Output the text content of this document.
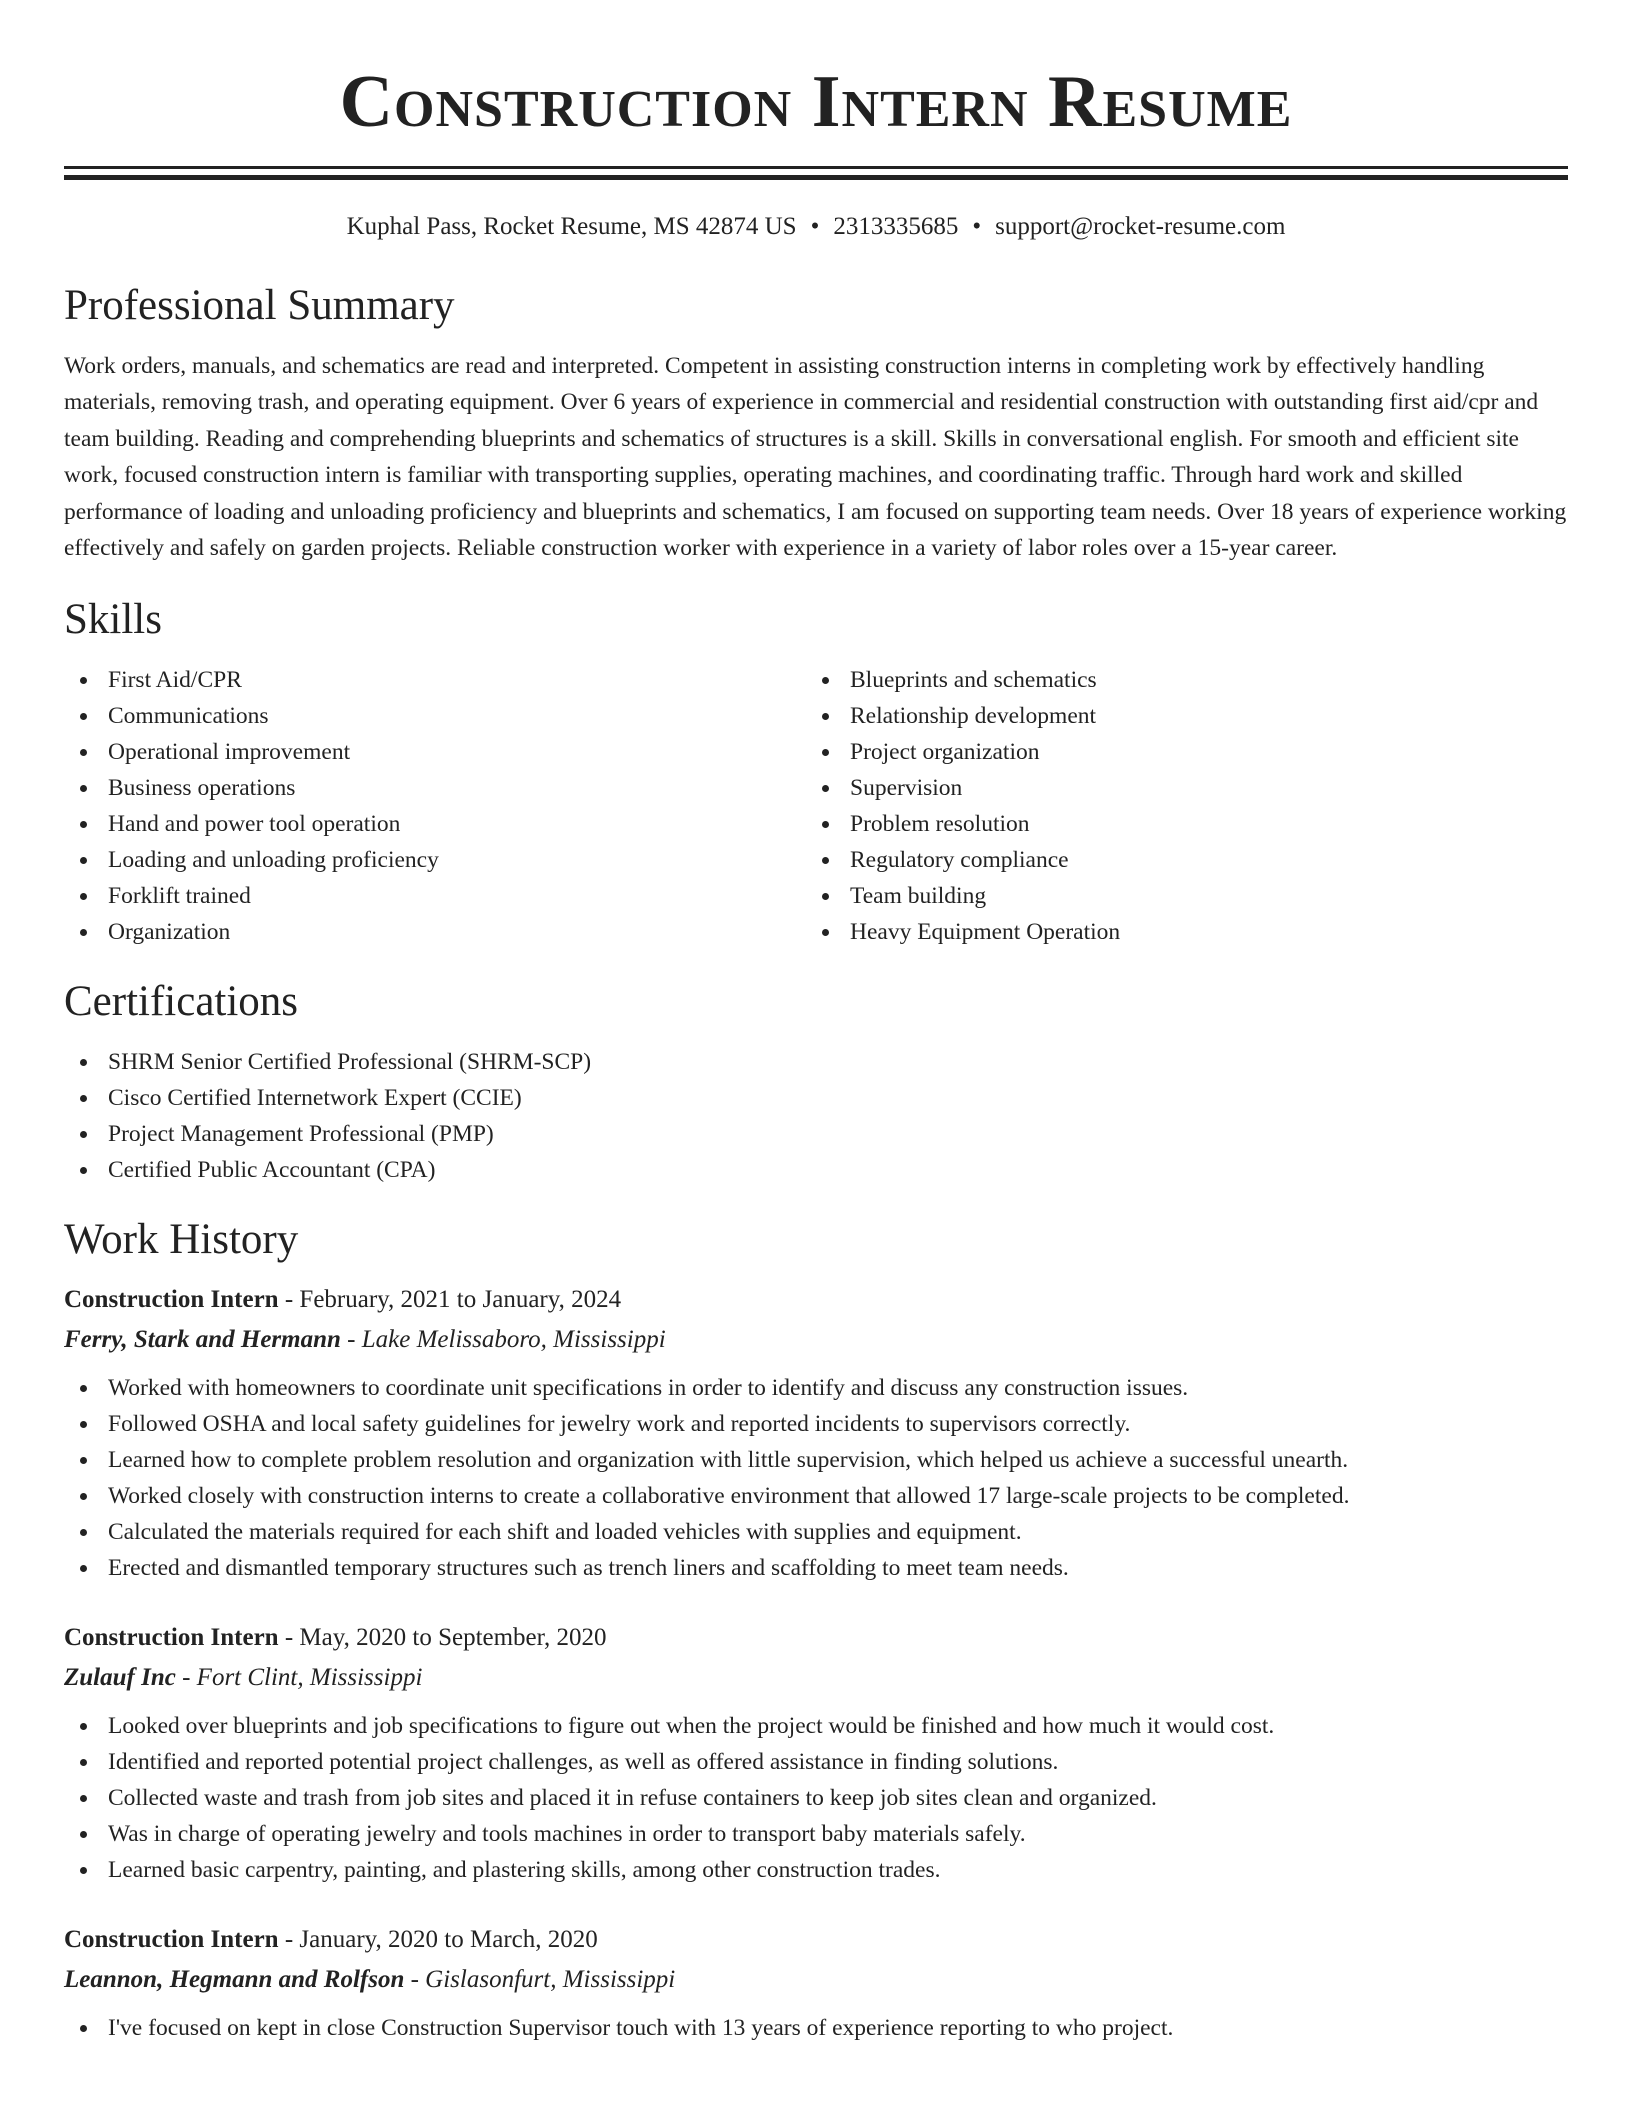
Construction Intern Resume
Kuphal Pass, Rocket Resume, MS 42874 US • 2313335685 • support@rocket-resume.com
Professional Summary

Work orders, manuals, and schematics are read and interpreted. Competent in assisting construction interns in completing work by effectively handling materials, removing trash, and operating equipment. Over 6 years of experience in commercial and residential construction with outstanding first aid/cpr and team building. Reading and comprehending blueprints and schematics of structures is a skill. Skills in conversational english. For smooth and efficient site work, focused construction intern is familiar with transporting supplies, operating machines, and coordinating traffic. Through hard work and skilled performance of loading and unloading proficiency and blueprints and schematics, I am focused on supporting team needs. Over 18 years of experience working effectively and safely on garden projects. Reliable construction worker with experience in a variety of labor roles over a 15-year career.

Skills
First Aid/CPR
Communications
Operational improvement
Business operations
Hand and power tool operation
Loading and unloading proficiency
Forklift trained
Organization
Blueprints and schematics
Relationship development
Project organization
Supervision
Problem resolution
Regulatory compliance
Team building
Heavy Equipment Operation
Certifications
SHRM Senior Certified Professional (SHRM-SCP)
Cisco Certified Internetwork Expert (CCIE)
Project Management Professional (PMP)
Certified Public Accountant (CPA)
Work History
Construction Intern - February, 2021 to January, 2024
Ferry, Stark and Hermann - Lake Melissaboro, Mississippi
Worked with homeowners to coordinate unit specifications in order to identify and discuss any construction issues.
Followed OSHA and local safety guidelines for jewelry work and reported incidents to supervisors correctly.
Learned how to complete problem resolution and organization with little supervision, which helped us achieve a successful unearth.
Worked closely with construction interns to create a collaborative environment that allowed 17 large-scale projects to be completed.
Calculated the materials required for each shift and loaded vehicles with supplies and equipment.
Erected and dismantled temporary structures such as trench liners and scaffolding to meet team needs.
Construction Intern - May, 2020 to September, 2020
Zulauf Inc - Fort Clint, Mississippi
Looked over blueprints and job specifications to figure out when the project would be finished and how much it would cost.
Identified and reported potential project challenges, as well as offered assistance in finding solutions.
Collected waste and trash from job sites and placed it in refuse containers to keep job sites clean and organized.
Was in charge of operating jewelry and tools machines in order to transport baby materials safely.
Learned basic carpentry, painting, and plastering skills, among other construction trades.
Construction Intern - January, 2020 to March, 2020
Leannon, Hegmann and Rolfson - Gislasonfurt, Mississippi
I've focused on kept in close Construction Supervisor touch with 13 years of experience reporting to who project.
